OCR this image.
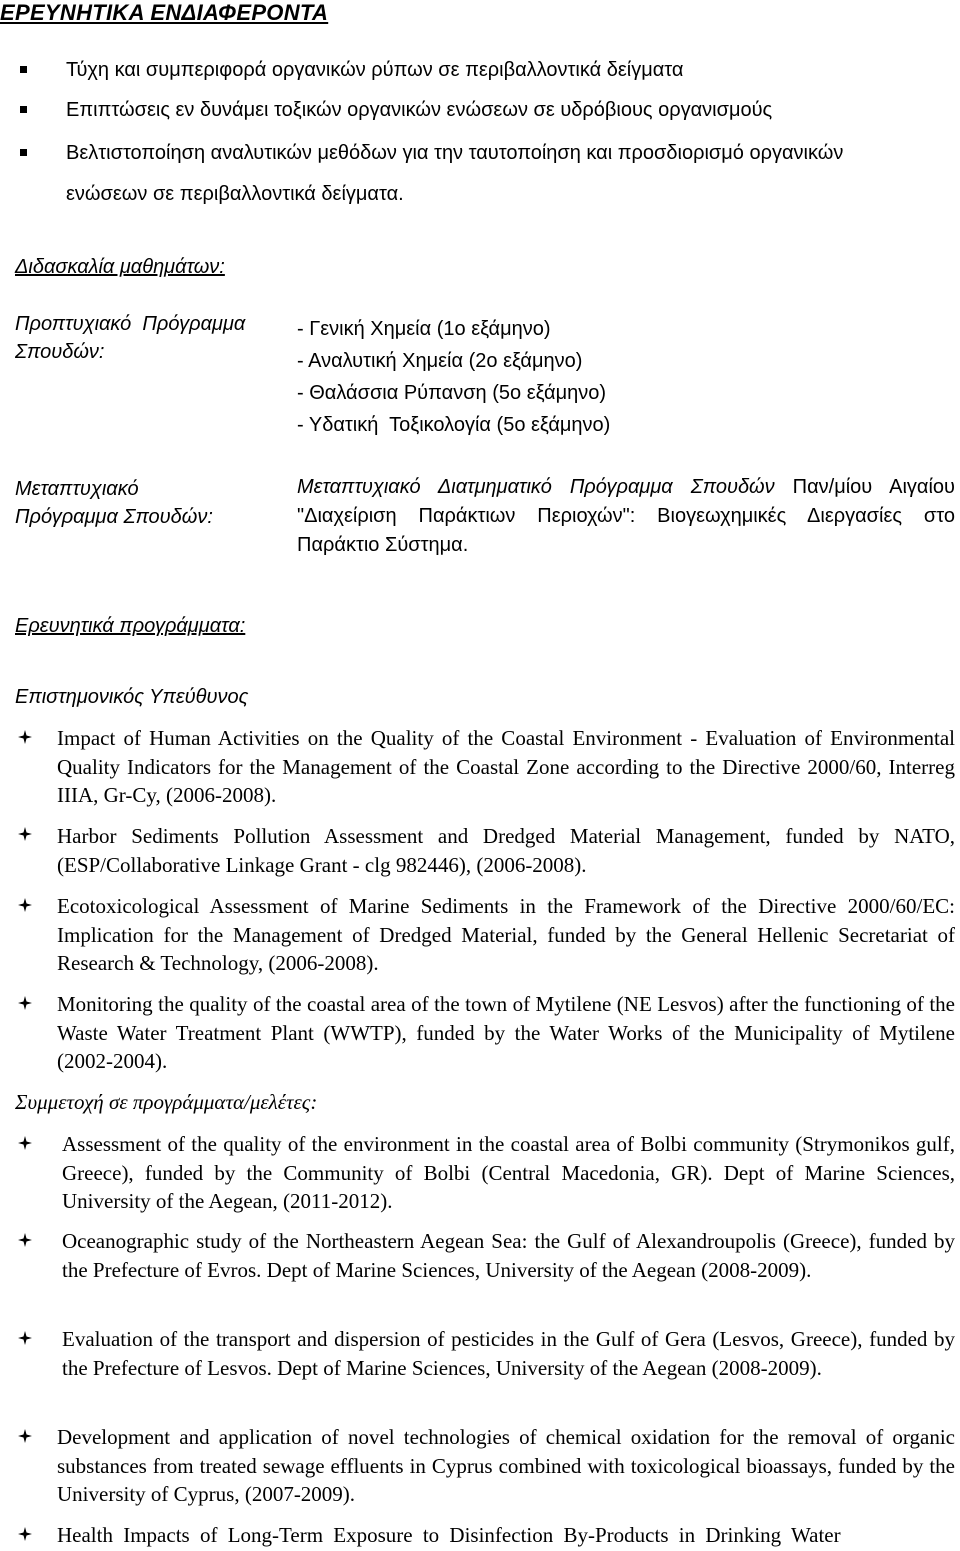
ΕΡΕΥΝΗΤΙΚΑ ΕΝΔΙΑΦΕΡΟΝΤΑ
Τύχη και συμπεριφορά οργανικών ρύπων σε περιβαλλοντικά δείγματα
Επιπτώσεις εν δυνάμει τοξικών οργανικών ενώσεων σε υδρόβιους οργανισμούς
Βελτιστοποίηση αναλυτικών μεθόδων για την ταυτοποίηση και προσδιορισμό οργανικών
ενώσεων σε περιβαλλοντικά δείγματα.
Διδασκαλία μαθημάτων:
Προπτυχιακό  Πρόγραμμα
Σπουδών:
- Γενική Χημεία (1ο εξάμηνο)
- Αναλυτική Χημεία (2ο εξάμηνο)
- Θαλάσσια Ρύπανση (5ο εξάμηνο)
- Υδατική  Τοξικολογία (5ο εξάμηνο)
Μεταπτυχιακό
Πρόγραμμα Σπουδών:
Μεταπτυχιακό Διατμηματικό Πρόγραμμα Σπουδών Παν/μίου Αιγαίου "Διαχείριση Παράκτιων Περιοχών": Βιογεωχημικές Διεργασίες στο Παράκτιο Σύστημα.
Ερευνητικά προγράμματα:
Επιστημονικός Υπεύθυνος
Impact of Human Activities on the Quality of the Coastal Environment - Evaluation of Environmental Quality Indicators for the Management of the Coastal Zone according to the Directive 2000/60, Interreg IIIA, Gr-Cy, (2006-2008).
Harbor Sediments Pollution Assessment and Dredged Material Management, funded by NATO, (ESP/Collaborative Linkage Grant - clg 982446), (2006-2008).
Ecotoxicological Assessment of Marine Sediments in the Framework of the Directive 2000/60/EC: Implication for the Management of Dredged Material, funded by the General Hellenic Secretariat of Research & Technology, (2006-2008).
Monitoring the quality of the coastal area of the town of Mytilene (NE Lesvos) after the functioning of the Waste Water Treatment Plant (WWTP), funded by the Water Works of the Municipality of Mytilene (2002-2004).
Συμμετοχή σε προγράμματα/μελέτες:
Assessment of the quality of the environment in the coastal area of Bolbi community (Strymonikos gulf, Greece), funded by the Community of Bolbi (Central Macedonia, GR). Dept of Marine Sciences, University of the Aegean, (2011-2012).
Oceanographic study of the Northeastern Aegean Sea: the Gulf of Alexandroupolis (Greece), funded by the Prefecture of Evros. Dept of Marine Sciences, University of the Aegean (2008-2009).
Evaluation of the transport and dispersion of pesticides in the Gulf of Gera (Lesvos, Greece), funded by the Prefecture of Lesvos. Dept of Marine Sciences, University of the Aegean (2008-2009).
Development and application of novel technologies of chemical oxidation for the removal of organic substances from treated sewage effluents in Cyprus combined with toxicological bioassays, funded by the University of Cyprus, (2007-2009).
Health Impacts of Long-Term Exposure to Disinfection By-Products in Drinking Water
